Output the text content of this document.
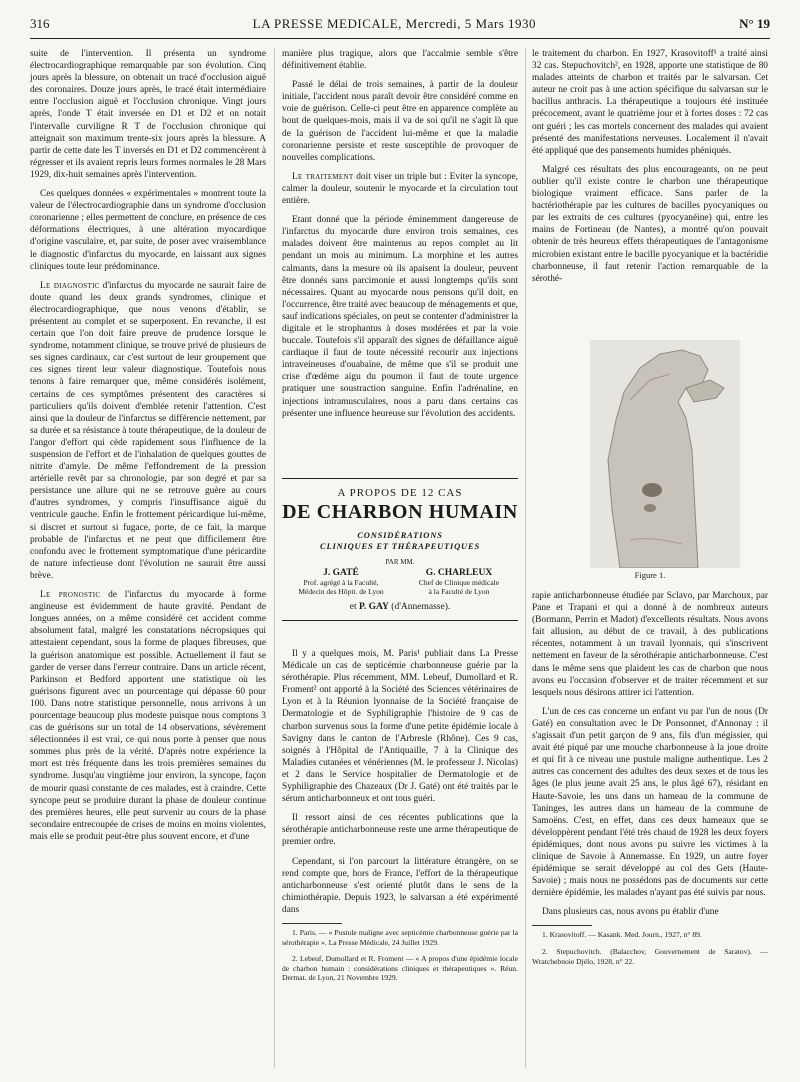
316	LA PRESSE MEDICALE, Mercredi, 5 Mars 1930	N° 19

suite de l'intervention. Il présenta un syndrome électrocardiographique remarquable par son évolution. Cinq jours après la blessure, on obtenait un tracé d'occlusion aiguë des coronaires. Douze jours après, le tracé était intermédiaire entre l'occlusion aiguë et l'occlusion chronique. Vingt jours après, l'onde T était inversée en D1 et D2 et on notait l'intervalle curviligne R T de l'occlusion chronique qui atteignait son maximum trente-six jours après la blessure. A partir de cette date les T inversés en D1 et D2 commencèrent à régresser et ils avaient repris leurs formes normales le 28 Mars 1929, dix-huit semaines après l'intervention.

Ces quelques données « expérimentales » montrent toute la valeur de l'électrocardiographie dans un syndrome d'occlusion coronarienne ; elles permettent de conclure, en présence de ces déformations électriques, à une altération myocardique d'origine vasculaire, et, par suite, de poser avec vraisemblance le diagnostic d'infarctus du myocarde, en laissant aux signes cliniques toute leur prédominance.

Le diagnostic d'infarctus du myocarde ne saurait faire de doute quand les deux grands syndromes, clinique et électrocardiographique, que nous venons d'établir, se présentent au complet et se superposent. En revanche, il est certain que l'on doit faire preuve de prudence lorsque le syndrome, notamment clinique, se trouve privé de plusieurs de ses signes cardinaux, car c'est surtout de leur groupement que ces signes tirent leur valeur diagnostique. Toutefois nous tenons à faire remarquer que, même considérés isolément, certains de ces symptômes présentent des caractères si particuliers qu'ils doivent d'emblée retenir l'attention. C'est ainsi que la douleur de l'infarctus se différencie nettement, par sa durée et sa résistance à toute thérapeutique, de la douleur de l'angor d'effort qui cède rapidement sous l'influence de la suspension de l'effort et de l'inhalation de quelques gouttes de nitrite d'amyle. De même l'effondrement de la pression artérielle revêt par sa chronologie, par son degré et par sa persistance une allure qui ne se retrouve guère au cours d'autres syndromes, y compris l'insuffisance aiguë du ventricule gauche. Enfin le frottement péricardique lui-même, si discret et surtout si fugace, porte, de ce fait, la marque probable de l'infarctus et ne peut que difficilement être confondu avec le frottement symptomatique d'une péricardite de nature infectieuse dont l'évolution ne saurait être aussi brève.

Le pronostic de l'infarctus du myocarde à forme angineuse est évidemment de haute gravité. Pendant de longues années, on a même considéré cet accident comme absolument fatal, malgré les constatations nécropsiques qui attestaient cependant, sous la forme de plaques fibreuses, que la guérison anatomique est possible. Actuellement il faut se garder de verser dans l'erreur contraire. Dans un article récent, Parkinson et Bedford apportent une statistique où les guérisons figurent avec un pourcentage qui dépasse 60 pour 100. Dans notre statistique personnelle, nous arrivons à un pourcentage beaucoup plus modeste puisque nous comptons 3 cas de guérisons sur un total de 14 observations, sévèrement sélectionnées il est vrai, ce qui nous porte à penser que nous sommes plus près de la vérité. D'après notre expérience la mort est très fréquente dans les trois premières semaines du syndrome. Jusqu'au vingtième jour environ, la syncope, façon de mourir quasi constante de ces malades, est à craindre. Cette syncope peut se produire durant la phase de douleur continue des premières heures, elle peut survenir au cours de la phase secondaire entrecoupée de crises de moins en moins violentes, mais elle se produit peut-être plus souvent encore, et d'une

manière plus tragique, alors que l'accalmie semble s'être définitivement établie.

Passé le délai de trois semaines, à partir de la douleur initiale, l'accident nous paraît devoir être considéré comme en voie de guérison. Celle-ci peut être en apparence complète au bout de quelques-mois, mais il va de soi qu'il ne s'agit là que de la guérison de l'accident lui-même et que la maladie coronarienne persiste et reste susceptible de provoquer de nouvelles complications.

Le traitement doit viser un triple but : Eviter la syncope, calmer la douleur, soutenir le myocarde et la circulation tout entière.

Etant donné que la période éminemment dangereuse de l'infarctus du myocarde dure environ trois semaines, ces malades doivent être maintenus au repos complet au lit pendant un mois au minimum. La morphine et les autres calmants, dans la mesure où ils apaisent la douleur, peuvent être donnés sans parcimonie et aussi longtemps qu'ils sont nécessaires. Quant au myocarde nous pensons qu'il doit, en l'occurrence, être traité avec beaucoup de ménagements et que, sauf indications spéciales, on peut se contenter d'administrer la digitale et le strophantus à doses modérées et par la voie buccale. Toutefois s'il apparaît des signes de défaillance aiguë cardiaque il faut de toute nécessité recourir aux injections intraveineuses d'ouabaïne, de même que s'il se produit une crise d'œdème aigu du poumon il faut de toute urgence pratiquer une soustraction sanguine. Enfin l'adrénaline, en injections intramusculaires, nous a paru dans certains cas présenter une influence heureuse sur l'évolution des accidents.

A PROPOS DE 12 CAS
DE CHARBON HUMAIN
CONSIDÉRATIONS
CLINIQUES ET THÉRAPEUTIQUES
PAR MM.
J. GATÉ
Prof. agrégé à la Faculté,
Médecin des Hôpit. de Lyon
G. CHARLEUX
Chef de Clinique médicale
à la Faculté de Lyon
et P. GAY (d'Annemasse).

Il y a quelques mois, M. Paris¹ publiait dans La Presse Médicale un cas de septicémie charbonneuse guérie par la sérothérapie. Plus récemment, MM. Lebeuf, Dumollard et R. Froment² ont apporté à la Société des Sciences vétérinaires de Lyon et à la Réunion lyonnaise de la Société française de Dermatologie et de Syphiligraphie l'histoire de 9 cas de charbon survenus sous la forme d'une petite épidémie locale à Savigny dans le canton de l'Arbresle (Rhône). Ces 9 cas, soignés à l'Hôpital de l'Antiquaille, 7 à la Clinique des Maladies cutanées et vénériennes (M. le professeur J. Nicolas) et 2 dans le Service hospitalier de Dermatologie et de Syphiligraphie des Chazeaux (Dr J. Gaté) ont été traités par le sérum anticharbonneux et ont tous guéri.

Il ressort ainsi de ces récentes publications que la sérothérapie anticharbonneuse reste une arme thérapeutique de premier ordre.

Cependant, si l'on parcourt la littérature étrangère, on se rend compte que, hors de France, l'effort de la thérapeutique anticharbonneuse s'est orienté plutôt dans le sens de la chimiothérapie. Depuis 1923, le salvarsan a été expérimenté dans

1. Paris. — « Pustule maligne avec septicémie charbonneuse guérie par la sérothérapie ». La Presse Médicale, 24 Juillet 1929.

2. Lebeuf, Dumollard et R. Froment — « A propos d'une épidémie locale de charbon humain : considérations cliniques et thérapeutiques ». Réun. Dermat. de Lyon, 21 Novembre 1929.

le traitement du charbon. En 1927, Krasovitoff¹ a traité ainsi 32 cas. Stepuchovitch², en 1928, apporte une statistique de 80 malades atteints de charbon et traités par le salvarsan. Cet auteur ne croit pas à une action spécifique du salvarsan sur le bacillus anthracis. La thérapeutique a toujours été instituée précocement, avant le quatrième jour et à fortes doses : 72 cas ont guéri ; les cas mortels concernent des malades qui avaient présenté des manifestations nerveuses. Localement il n'avait été appliqué que des pansements humides phéniqués.

Malgré ces résultats des plus encourageants, on ne peut oublier qu'il existe contre le charbon une thérapeutique biologique vraiment efficace. Sans parler de la bactériothérapie par les cultures de bacilles pyocyaniques ou par les extraits de ces cultures (pyocyanéine) qui, entre les mains de Fortineau (de Nantes), a montré qu'on pouvait obtenir de très heureux effets thérapeutiques de l'antagonisme microbien existant entre le bacille pyocyanique et la bactéridie charbonneuse, il faut retenir l'action remarquable de la sérothé-

Figure 1.

rapie anticharbonneuse étudiée par Sclavo, par Marchoux, par Pane et Trapani et qui a donné à de nombreux auteurs (Bormann, Perrin et Madot) d'excellents résultats. Nous avons fait allusion, au début de ce travail, à des publications récentes, notamment à un travail lyonnais, qui s'inscrivent nettement en faveur de la sérothérapie anticharbonneuse. C'est dans le même sens que plaident les cas de charbon que nous avons eu l'occasion d'observer et de traiter récemment et sur lesquels nous désirons attirer ici l'attention.

L'un de ces cas concerne un enfant vu par l'un de nous (Dr Gaté) en consultation avec le Dr Ponsonnet, d'Annonay : il s'agissait d'un petit garçon de 9 ans, fils d'un mégissier, qui avait été piqué par une mouche charbonneuse à la joue droite et qui fit à ce niveau une pustule maligne authentique. Les 2 autres cas concernent des adultes des deux sexes et de tous les âges (le plus jeune avait 25 ans, le plus âgé 67), résidant en Haute-Savoie, les uns dans un hameau de la commune de Taninges, les autres dans un hameau de la commune de Samoëns. C'est, en effet, dans ces deux hameaux que se développèrent pendant l'été très chaud de 1928 les deux foyers épidémiques, dont nous avons pu suivre les victimes à la clinique de Savoie à Annemasse. En 1929, un autre foyer épidémique se serait développé au col des Gets (Haute-Savoie) ; mais nous ne possédons pas de documents sur cette dernière épidémie, les malades n'ayant pas été suivis par nous.

Dans plusieurs cas, nous avons pu établir d'une

1. Krasovitoff. — Kasank. Med. Journ., 1927, n° 89.

2. Stepuchovitch. (Balacchov, Gouvernement de Saratov). — Wratchebnoie Djélo, 1928, n° 22.
